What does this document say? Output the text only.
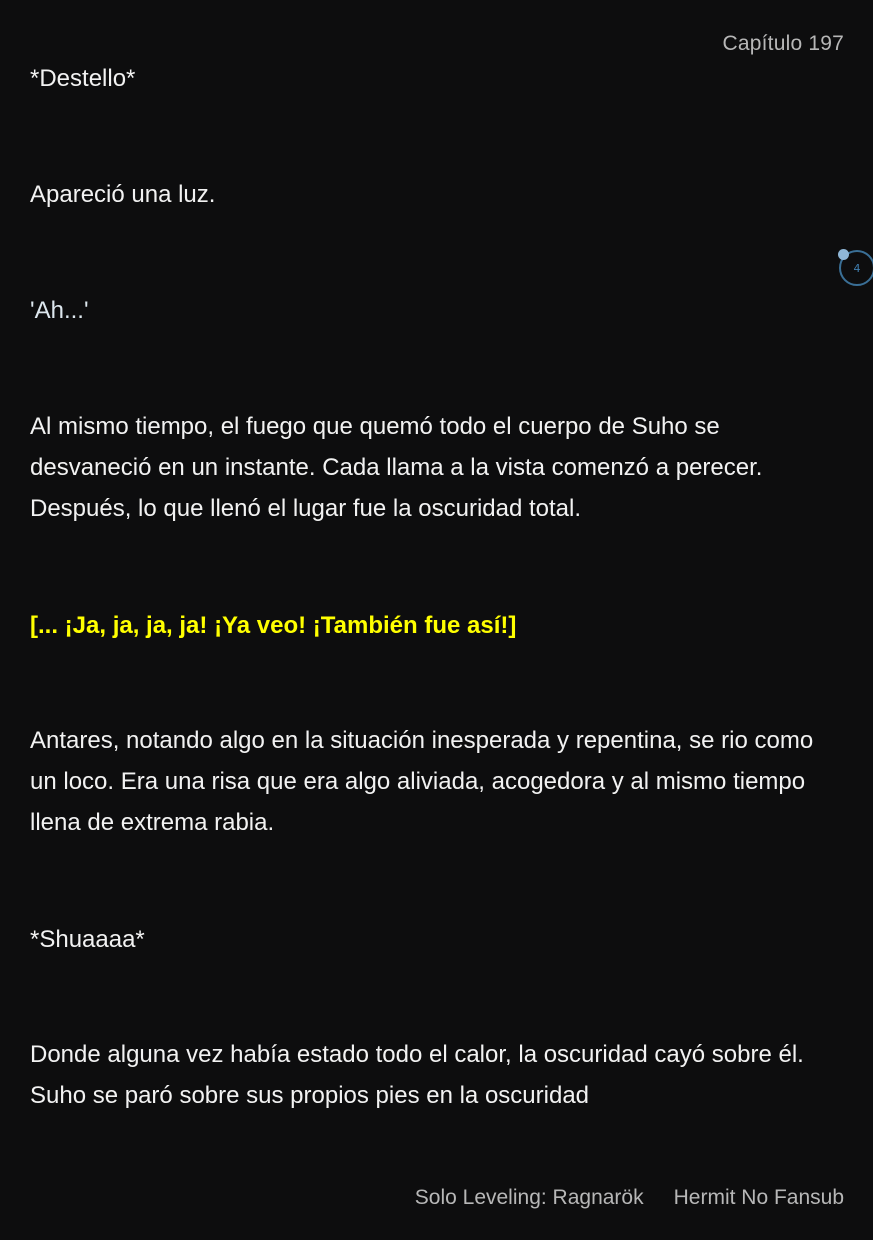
Capítulo 197
*Destello*
Apareció una luz.
'Ah...'
Al mismo tiempo, el fuego que quemó todo el cuerpo de Suho se desvaneció en un instante. Cada llama a la vista comenzó a perecer. Después, lo que llenó el lugar fue la oscuridad total.
[... ¡Ja, ja, ja, ja! ¡Ya veo! ¡También fue así!]
Antares, notando algo en la situación inesperada y repentina, se rio como un loco. Era una risa que era algo aliviada, acogedora y al mismo tiempo llena de extrema rabia.
*Shuaaaa*
Donde alguna vez había estado todo el calor, la oscuridad cayó sobre él. Suho se paró sobre sus propios pies en la oscuridad
4
Solo Leveling: Ragnarök Hermit No Fansub
